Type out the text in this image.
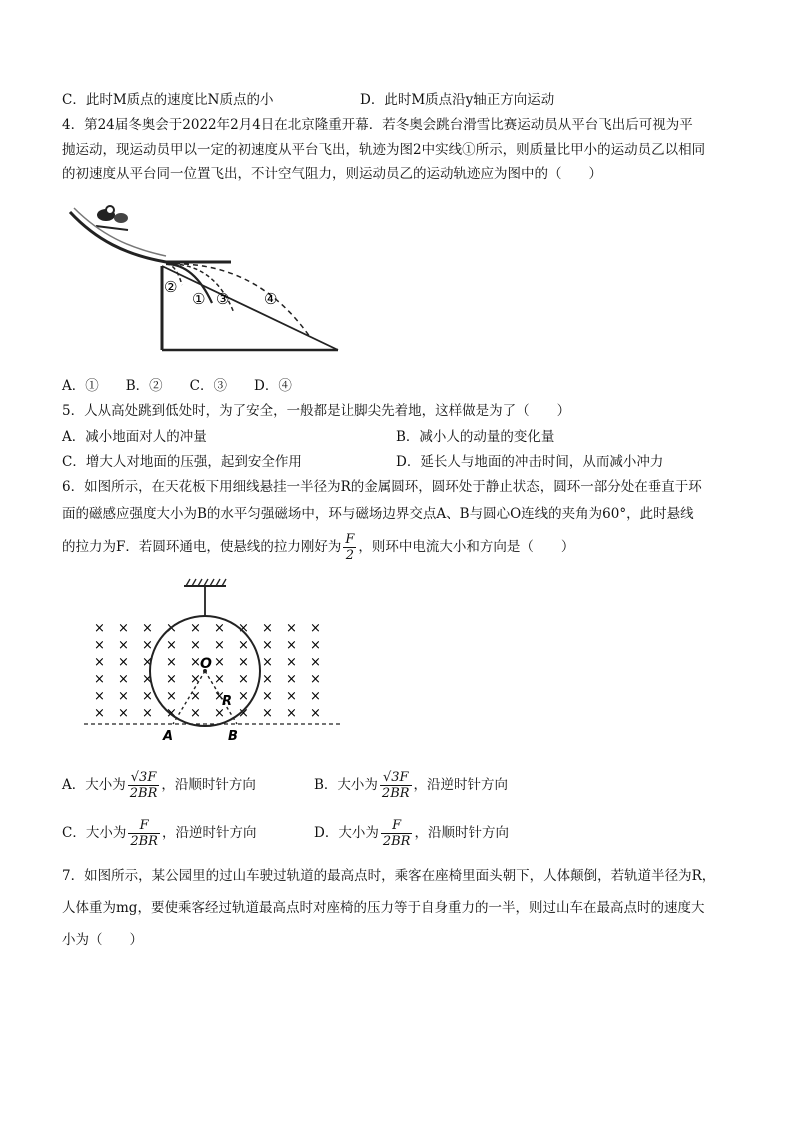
C．此时M质点的速度比N质点的小	D．此时M质点沿y轴正方向运动
4．第24届冬奥会于2022年2月4日在北京隆重开幕．若冬奥会跳台滑雪比赛运动员从平台飞出后可视为平
抛运动，现运动员甲以一定的初速度从平台飞出，轨迹为图2中实线①所示，则质量比甲小的运动员乙以相同
的初速度从平台同一位置飞出，不计空气阻力，则运动员乙的运动轨迹应为图中的（　　）
②
① ③ ④
A．①　　B．②　　C．③　　D．④
5．人从高处跳到低处时，为了安全，一般都是让脚尖先着地，这样做是为了（　　）
A．减小地面对人的冲量	B．减小人的动量的变化量
C．增大人对地面的压强，起到安全作用	D．延长人与地面的冲击时间，从而减小冲力
6．如图所示，在天花板下用细线悬挂一半径为R的金属圆环，圆环处于静止状态，圆环一部分处在垂直于环
面的磁感应强度大小为B的水平匀强磁场中，环与磁场边界交点A、B与圆心O连线的夹角为60°，此时悬线
的拉力为F．若圆环通电，使悬线的拉力刚好为 $\frac{F}{2}$ ，则环中电流大小和方向是（　　）
× × × × × × × × × ×
× × × × × × × × × ×
× × × × × × × × × ×
× × × × × × × × × ×
× × × × × × × × × ×
× × × × × × × × × ×
O
R
A	B
A．大小为 $\frac{√3F}{2BR}$ ，沿顺时针方向	B．大小为 $\frac{√3F}{2BR}$ ，沿逆时针方向
C．大小为 $\frac{F}{2BR}$ ，沿逆时针方向	D．大小为 $\frac{F}{2BR}$ ，沿顺时针方向
7．如图所示，某公园里的过山车驶过轨道的最高点时，乘客在座椅里面头朝下，人体颠倒，若轨道半径为R，
人体重为mg，要使乘客经过轨道最高点时对座椅的压力等于自身重力的一半，则过山车在最高点时的速度大
小为（　　）
